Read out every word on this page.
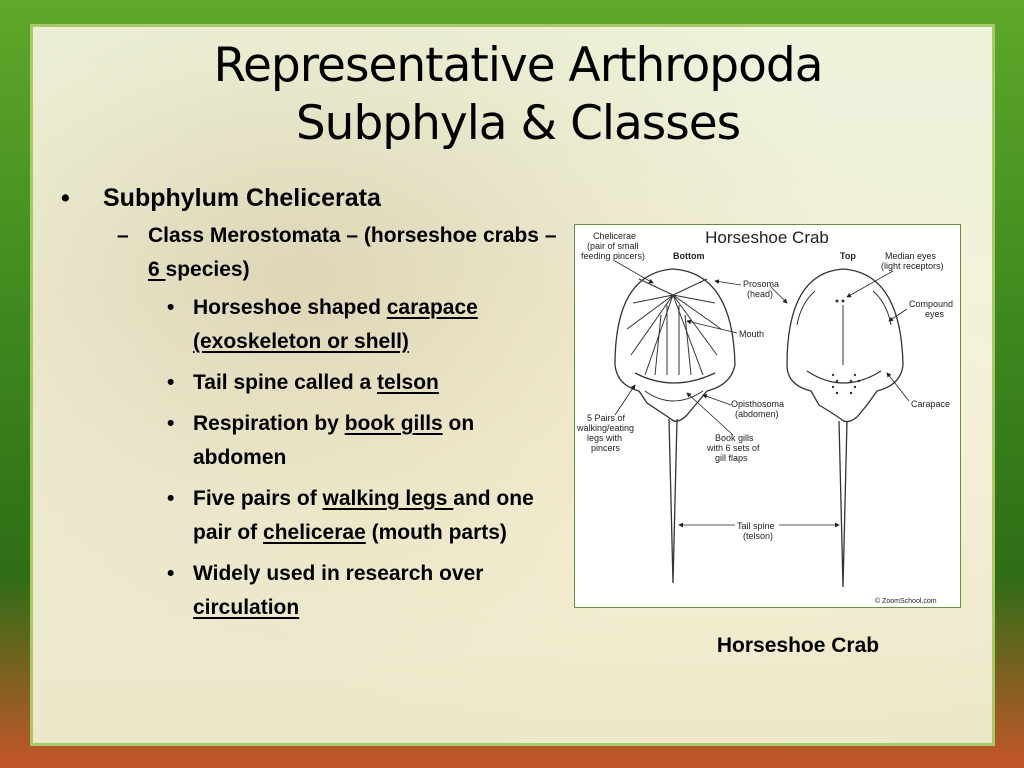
Representative Arthropoda
Subphyla & Classes
• Subphylum Chelicerata
– Class Merostomata – (horseshoe crabs – 6 species)
• Horseshoe shaped carapace (exoskeleton or shell)
• Tail spine called a telson
• Respiration by book gills on abdomen
• Five pairs of walking legs and one pair of chelicerae (mouth parts)
• Widely used in research over circulation
Horseshoe Crab
Bottom	Top
Chelicerae
(pair of small
feeding pincers)
Prosoma
(head)
Mouth
Median eyes
(light receptors)
Compound
eyes
5 Pairs of
walking/eating
legs with
pincers
Opisthosoma
(abdomen)
Book gills
with 6 sets of
gill flaps
Carapace
Tail spine
(telson)
© ZoomSchool.com
Horseshoe Crab
